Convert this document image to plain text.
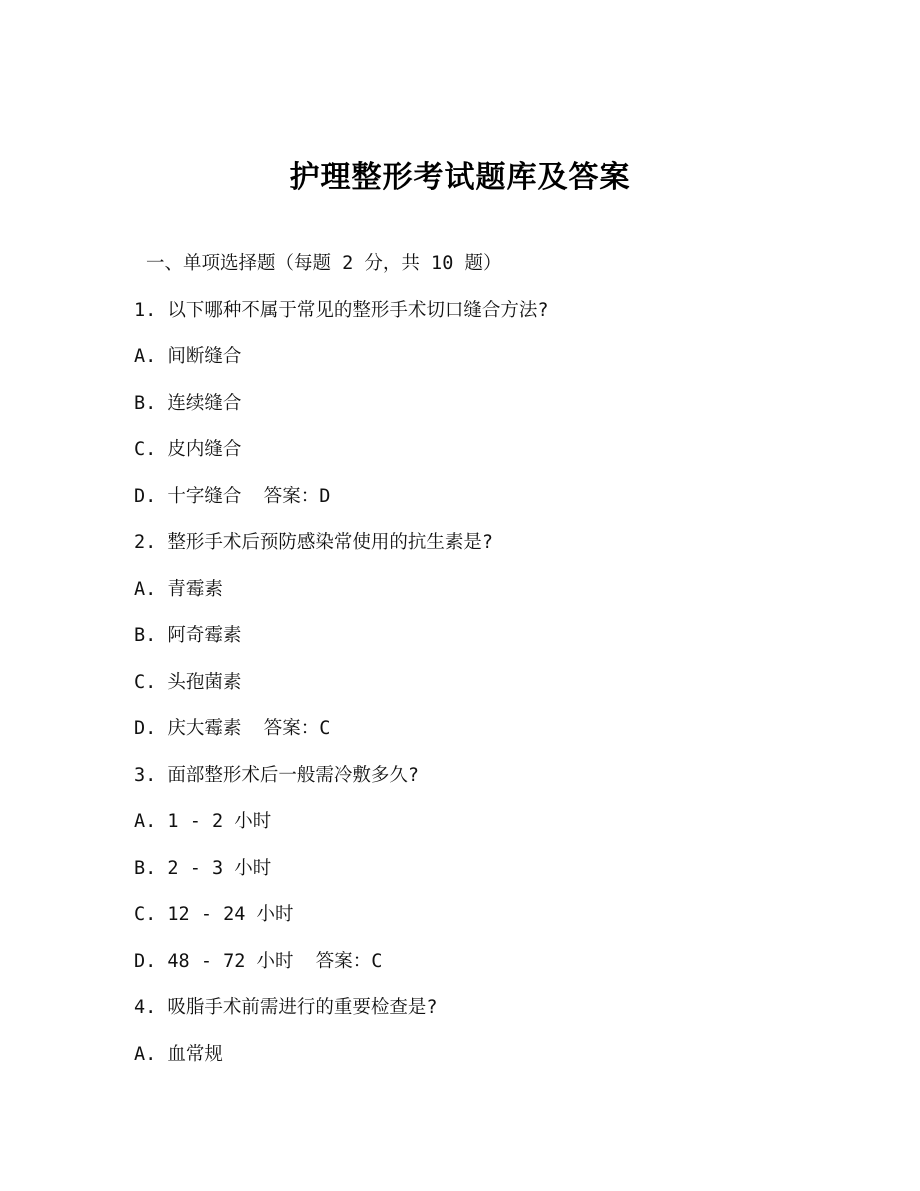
护理整形考试题库及答案
一、单项选择题（每题 2 分，共 10 题）
1. 以下哪种不属于常见的整形手术切口缝合方法?
A. 间断缝合
B. 连续缝合
C. 皮内缝合
D. 十字缝合  答案：D
2. 整形手术后预防感染常使用的抗生素是?
A. 青霉素
B. 阿奇霉素
C. 头孢菌素
D. 庆大霉素  答案：C
3. 面部整形术后一般需冷敷多久?
A. 1 - 2 小时
B. 2 - 3 小时
C. 12 - 24 小时
D. 48 - 72 小时  答案：C
4. 吸脂手术前需进行的重要检查是?
A. 血常规
